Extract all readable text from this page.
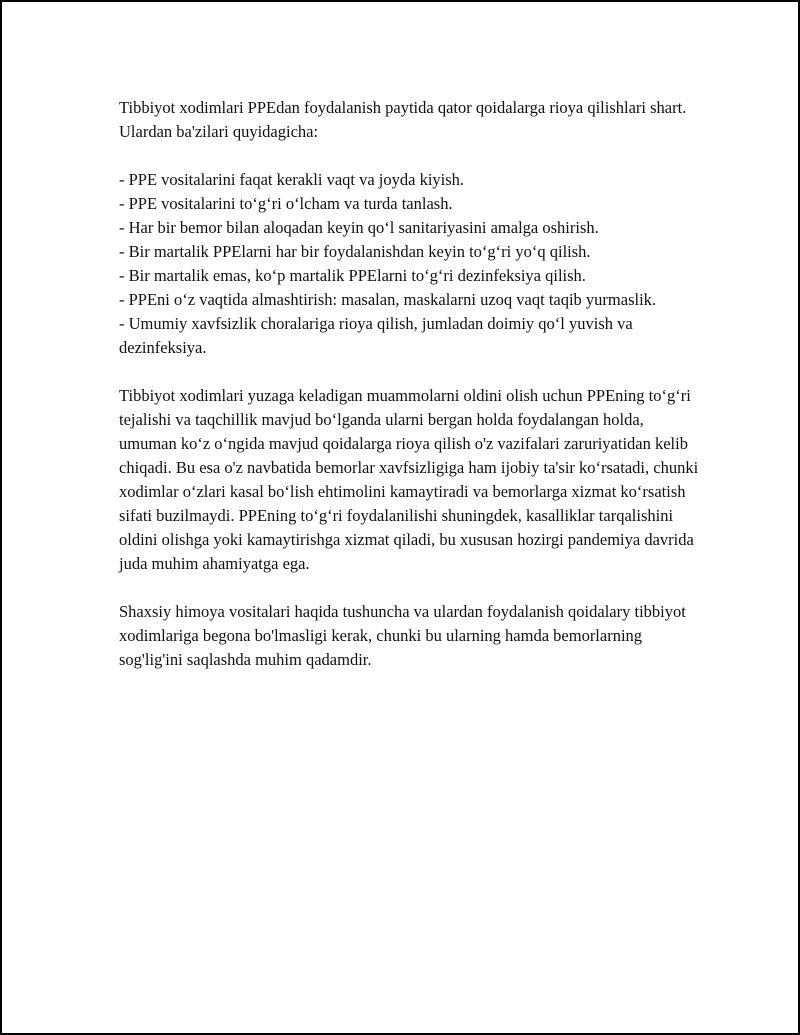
Tibbiyot xodimlari PPEdan foydalanish paytida qator qoidalarga rioya qilishlari shart. Ulardan ba'zilari quyidagicha:

- PPE vositalarini faqat kerakli vaqt va joyda kiyish.
- PPE vositalarini to‘g‘ri o‘lcham va turda tanlash.
- Har bir bemor bilan aloqadan keyin qo‘l sanitariyasini amalga oshirish.
- Bir martalik PPElarni har bir foydalanishdan keyin to‘g‘ri yo‘q qilish.
- Bir martalik emas, ko‘p martalik PPElarni to‘g‘ri dezinfeksiya qilish.
- PPEni o‘z vaqtida almashtirish: masalan, maskalarni uzoq vaqt taqib yurmaslik.
- Umumiy xavfsizlik choralariga rioya qilish, jumladan doimiy qo‘l yuvish va dezinfeksiya.

Tibbiyot xodimlari yuzaga keladigan muammolarni oldini olish uchun PPEning to‘g‘ri tejalishi va taqchillik mavjud bo‘lganda ularni bergan holda foydalangan holda, umuman ko‘z o‘ngida mavjud qoidalarga rioya qilish o'z vazifalari zaruriyatidan kelib chiqadi. Bu esa o'z navbatida bemorlar xavfsizligiga ham ijobiy ta'sir ko‘rsatadi, chunki xodimlar o‘zlari kasal bo‘lish ehtimolini kamaytiradi va bemorlarga xizmat ko‘rsatish sifati buzilmaydi. PPEning to‘g‘ri foydalanilishi shuningdek, kasalliklar tarqalishini oldini olishga yoki kamaytirishga xizmat qiladi, bu xususan hozirgi pandemiya davrida juda muhim ahamiyatga ega.

Shaxsiy himoya vositalari haqida tushuncha va ulardan foydalanish qoidalary tibbiyot xodimlariga begona bo'lmasligi kerak, chunki bu ularning hamda bemorlarning sog'lig'ini saqlashda muhim qadamdir.
